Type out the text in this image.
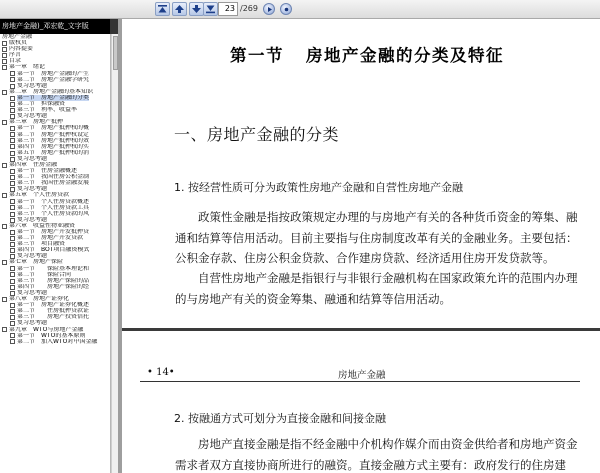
23 /269
房地产金融)_邓宏乾_文字版
房地产金融
版权页
内容提要
序言
目录
第一章　绪论
第一节　房地产金融的产生
第二节　房地产金融学研究
复习思考题
第二章　房地产金融的基本知识
第一节　房地产金融的分类
第二节　担保融资
第三节　利率、收益率
复习思考题
第三章　房地产抵押
第一节　房地产抵押权的概
第二节　房地产抵押权设定
第三节　房地产抵押权的效
第四节　房地产抵押权的实
第五节　房地产抵押权的消
复习思考题
第四章　住房金融
第一节　住房金融概述
第二节　我国住房公积金制
第三节　我国住房金融发展
复习思考题
第五章　个人住房贷款
第一节　个人住房贷款概述
第二节　个人住房贷款工具
第三节　个人住房贷款的风
复习思考题
第六章　收益性物业融资
第一节　房地产开发抵押贷
第二节　房地产开发贷款
第三节　项目融资
第四节　BOT项目融资模式
复习思考题
第七章　房地产保险
第一节　　保险基本理论和
第二节　　保险合同
第三节　　房地产保险的品
第四节　　房地产保险的经
复习思考题
第八章　房地产证券化
第一节　房地产证券化概述
第二节　　住房抵押贷款证
第三节　　房地产投资信托
复习思考题
第九章　WTO与房地产金融
第一节　WTO的基本原则
第二节　加入WTO对中国金融
第一节 房地产金融的分类及特征
一、房地产金融的分类
1. 按经营性质可分为政策性房地产金融和自营性房地产金融
政策性金融是指按政策规定办理的与房地产有关的各种货币资金的筹集、融通和结算等信用活动。目前主要指与住房制度改革有关的金融业务。主要包括：公积金存款、住房公积金贷款、合作建房贷款、经济适用住房开发贷款等。
自营性房地产金融是指银行与非银行金融机构在国家政策允许的范围内办理的与房地产有关的资金筹集、融通和结算等信用活动。
• 14•	房地产金融
2. 按融通方式可划分为直接金融和间接金融
房地产直接金融是指不经金融中介机构作媒介而由资金供给者和房地产资金需求者双方直接协商所进行的融资。直接金融方式主要有：政府发行的住房建
